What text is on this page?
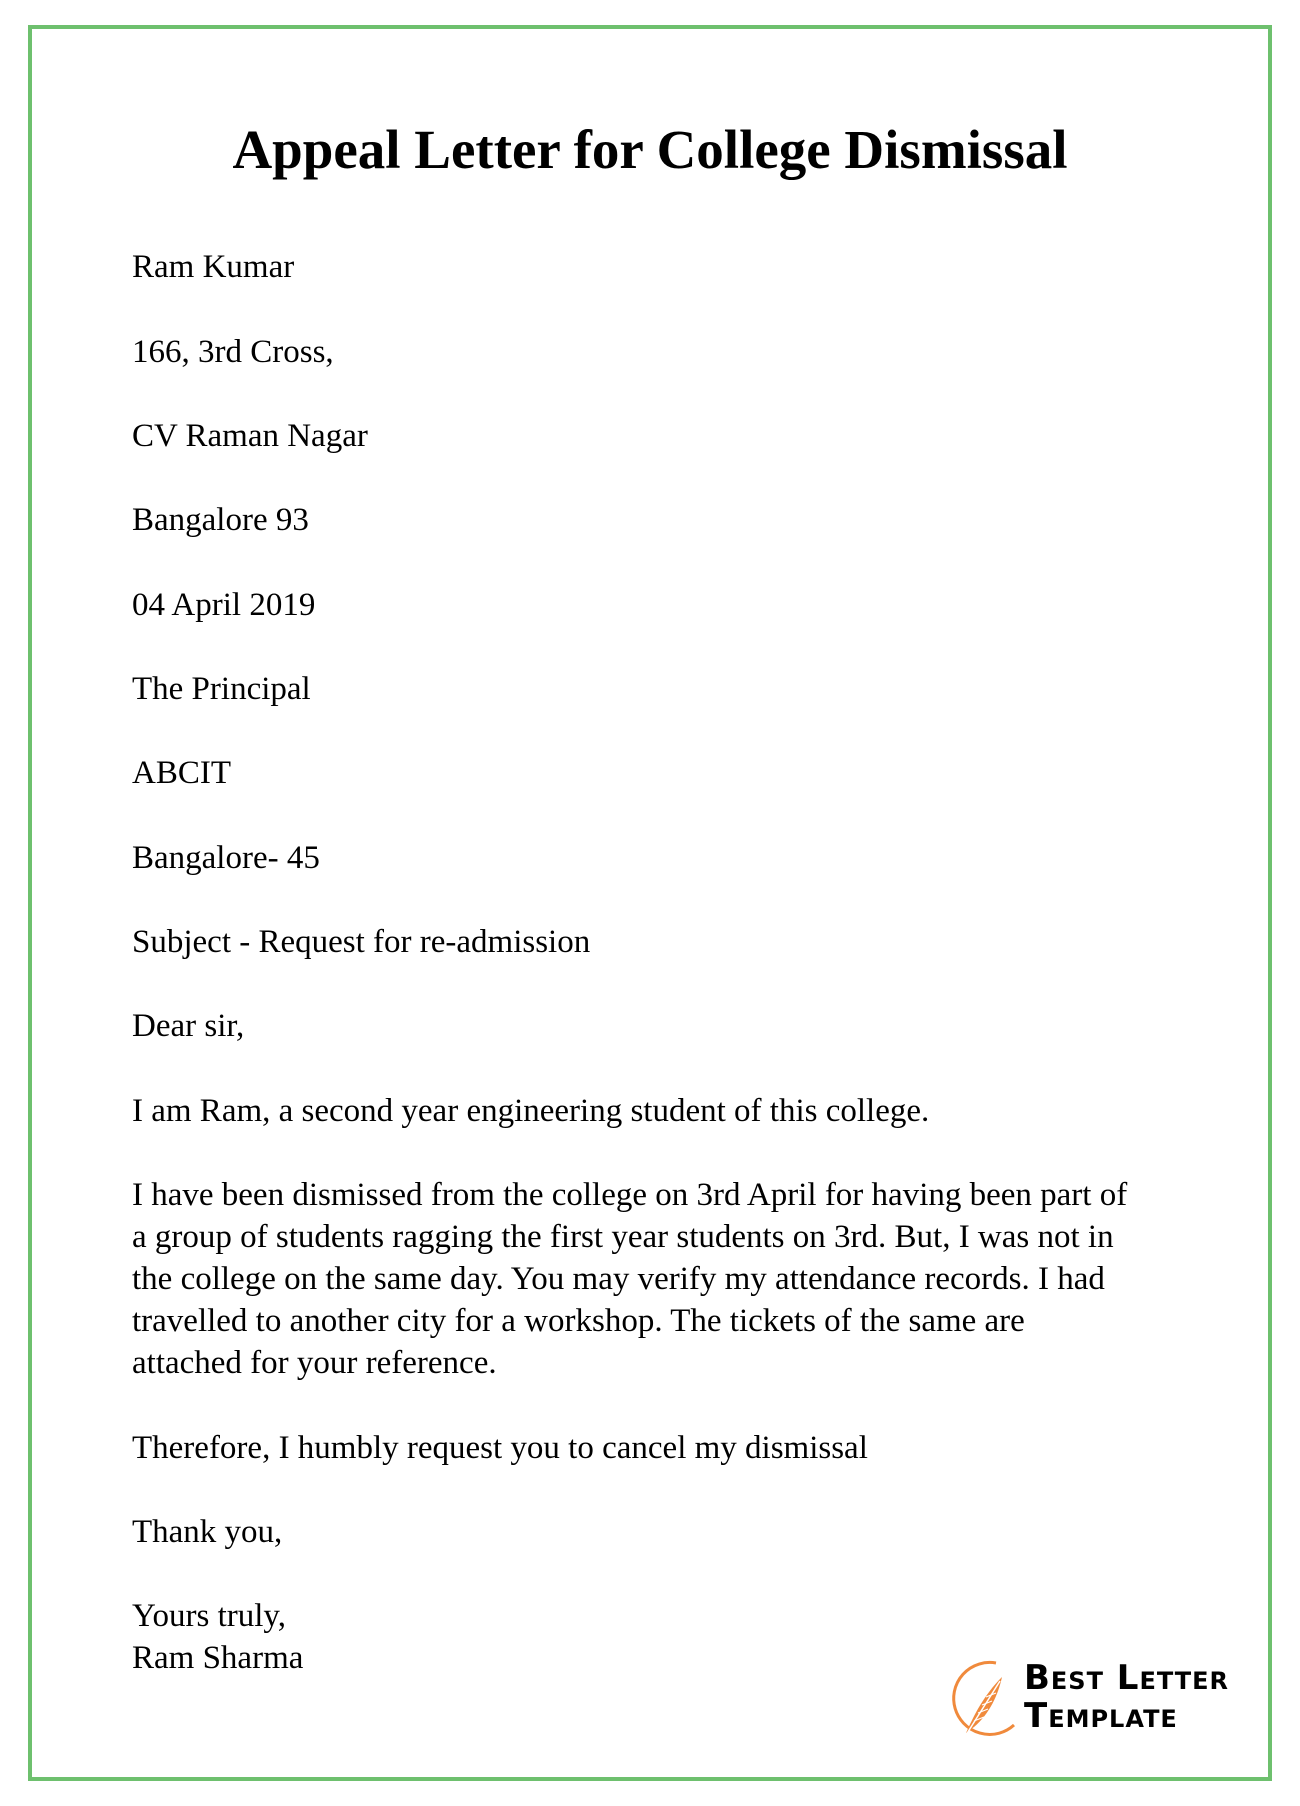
Appeal Letter for College Dismissal

Ram Kumar

166, 3rd Cross,

CV Raman Nagar

Bangalore 93

04 April 2019

The Principal

ABCIT

Bangalore- 45

Subject - Request for re-admission

Dear sir,

I am Ram, a second year engineering student of this college.

I have been dismissed from the college on 3rd April for having been part of

a group of students ragging the first year students on 3rd. But, I was not in

the college on the same day. You may verify my attendance records. I had

travelled to another city for a workshop. The tickets of the same are

attached for your reference.

Therefore, I humbly request you to cancel my dismissal

Thank you,

Yours truly,

Ram Sharma	Best Letter
Template
